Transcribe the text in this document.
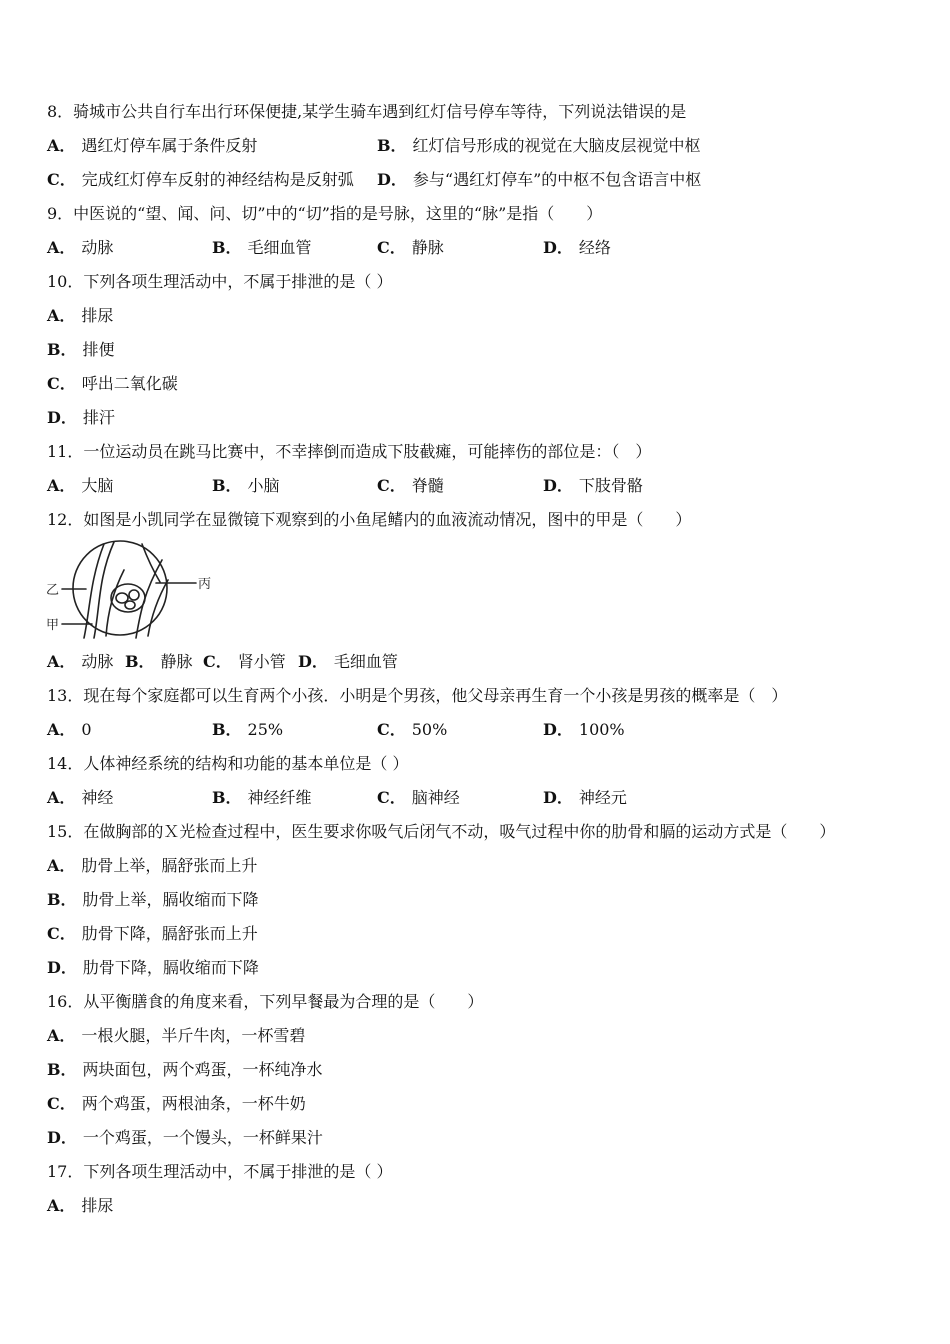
8．骑城市公共自行车出行环保便捷,某学生骑车遇到红灯信号停车等待，下列说法错误的是
A． 遇红灯停车属于条件反射	B． 红灯信号形成的视觉在大脑皮层视觉中枢
C． 完成红灯停车反射的神经结构是反射弧 D． 参与“遇红灯停车”的中枢不包含语言中枢
9．中医说的“望、闻、问、切”中的“切”指的是号脉，这里的“脉”是指（　　）
A． 动脉	B． 毛细血管	C． 静脉	D． 经络
10．下列各项生理活动中，不属于排泄的是（ ）
A． 排尿
B． 排便
C． 呼出二氧化碳
D． 排汗
11．一位运动员在跳马比赛中，不幸摔倒而造成下肢截瘫，可能摔伤的部位是：（　）
A． 大脑	B． 小脑	C． 脊髓	D． 下肢骨骼
12．如图是小凯同学在显微镜下观察到的小鱼尾鳍内的血液流动情况，图中的甲是（　　）
乙	丙
甲
A． 动脉 B． 静脉 C． 肾小管 D． 毛细血管
13．现在每个家庭都可以生育两个小孩．小明是个男孩，他父母亲再生育一个小孩是男孩的概率是（　）
A． 0	B． 25%	C． 50%	D． 100%
14．人体神经系统的结构和功能的基本单位是（ ）
A． 神经	B． 神经纤维	C． 脑神经	D． 神经元
15．在做胸部的Ｘ光检查过程中，医生要求你吸气后闭气不动，吸气过程中你的肋骨和膈的运动方式是（　　）
A． 肋骨上举，膈舒张而上升
B． 肋骨上举，膈收缩而下降
C． 肋骨下降，膈舒张而上升
D． 肋骨下降，膈收缩而下降
16．从平衡膳食的角度来看，下列早餐最为合理的是（　　）
A． 一根火腿，半斤牛肉，一杯雪碧
B． 两块面包，两个鸡蛋，一杯纯净水
C． 两个鸡蛋，两根油条，一杯牛奶
D． 一个鸡蛋，一个馒头，一杯鲜果汁
17．下列各项生理活动中，不属于排泄的是（ ）
A． 排尿
